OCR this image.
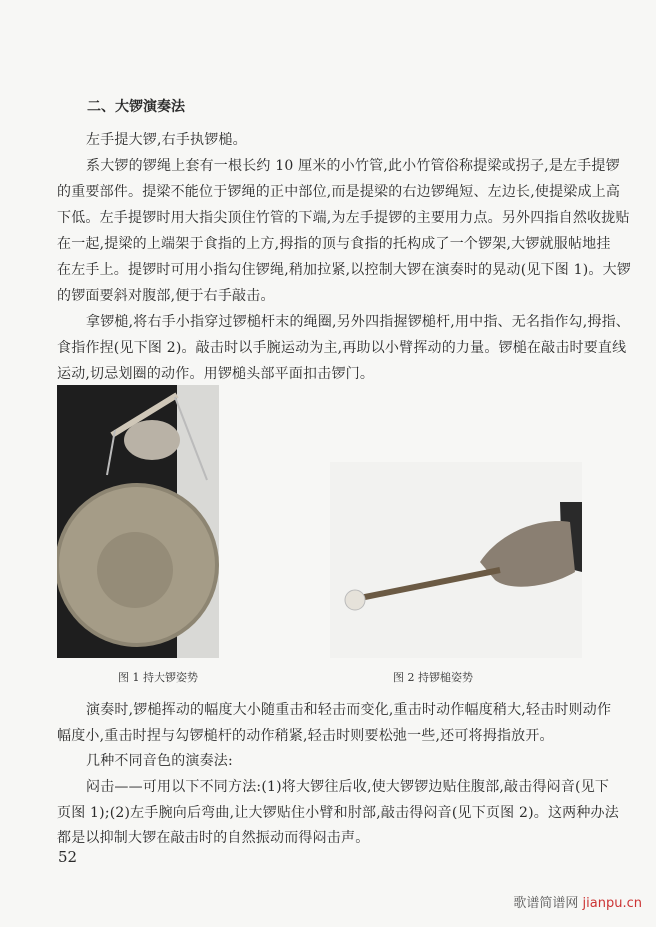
二、大锣演奏法
左手提大锣,右手执锣槌。
系大锣的锣绳上套有一根长约 10 厘米的小竹管,此小竹管俗称提梁或拐子,是左手提锣
的重要部件。提梁不能位于锣绳的正中部位,而是提梁的右边锣绳短、左边长,使提梁成上高
下低。左手提锣时用大指尖顶住竹管的下端,为左手提锣的主要用力点。另外四指自然收拢贴
在一起,提梁的上端架于食指的上方,拇指的顶与食指的托构成了一个锣架,大锣就服帖地挂
在左手上。提锣时可用小指勾住锣绳,稍加拉紧,以控制大锣在演奏时的晃动(见下图 1)。大锣
的锣面要斜对腹部,便于右手敲击。
拿锣槌,将右手小指穿过锣槌杆末的绳圈,另外四指握锣槌杆,用中指、无名指作勾,拇指、
食指作捏(见下图 2)。敲击时以手腕运动为主,再助以小臂挥动的力量。锣槌在敲击时要直线
运动,切忌划圈的动作。用锣槌头部平面扣击锣门。
图 1 持大锣姿势	图 2 持锣槌姿势
演奏时,锣槌挥动的幅度大小随重击和轻击而变化,重击时动作幅度稍大,轻击时则动作
幅度小,重击时捏与勾锣槌杆的动作稍紧,轻击时则要松弛一些,还可将拇指放开。
几种不同音色的演奏法:
闷击——可用以下不同方法:(1)将大锣往后收,使大锣锣边贴住腹部,敲击得闷音(见下
页图 1);(2)左手腕向后弯曲,让大锣贴住小臂和肘部,敲击得闷音(见下页图 2)。这两种办法
都是以抑制大锣在敲击时的自然振动而得闷击声。
52
歌谱简谱网 jianpu.cn
